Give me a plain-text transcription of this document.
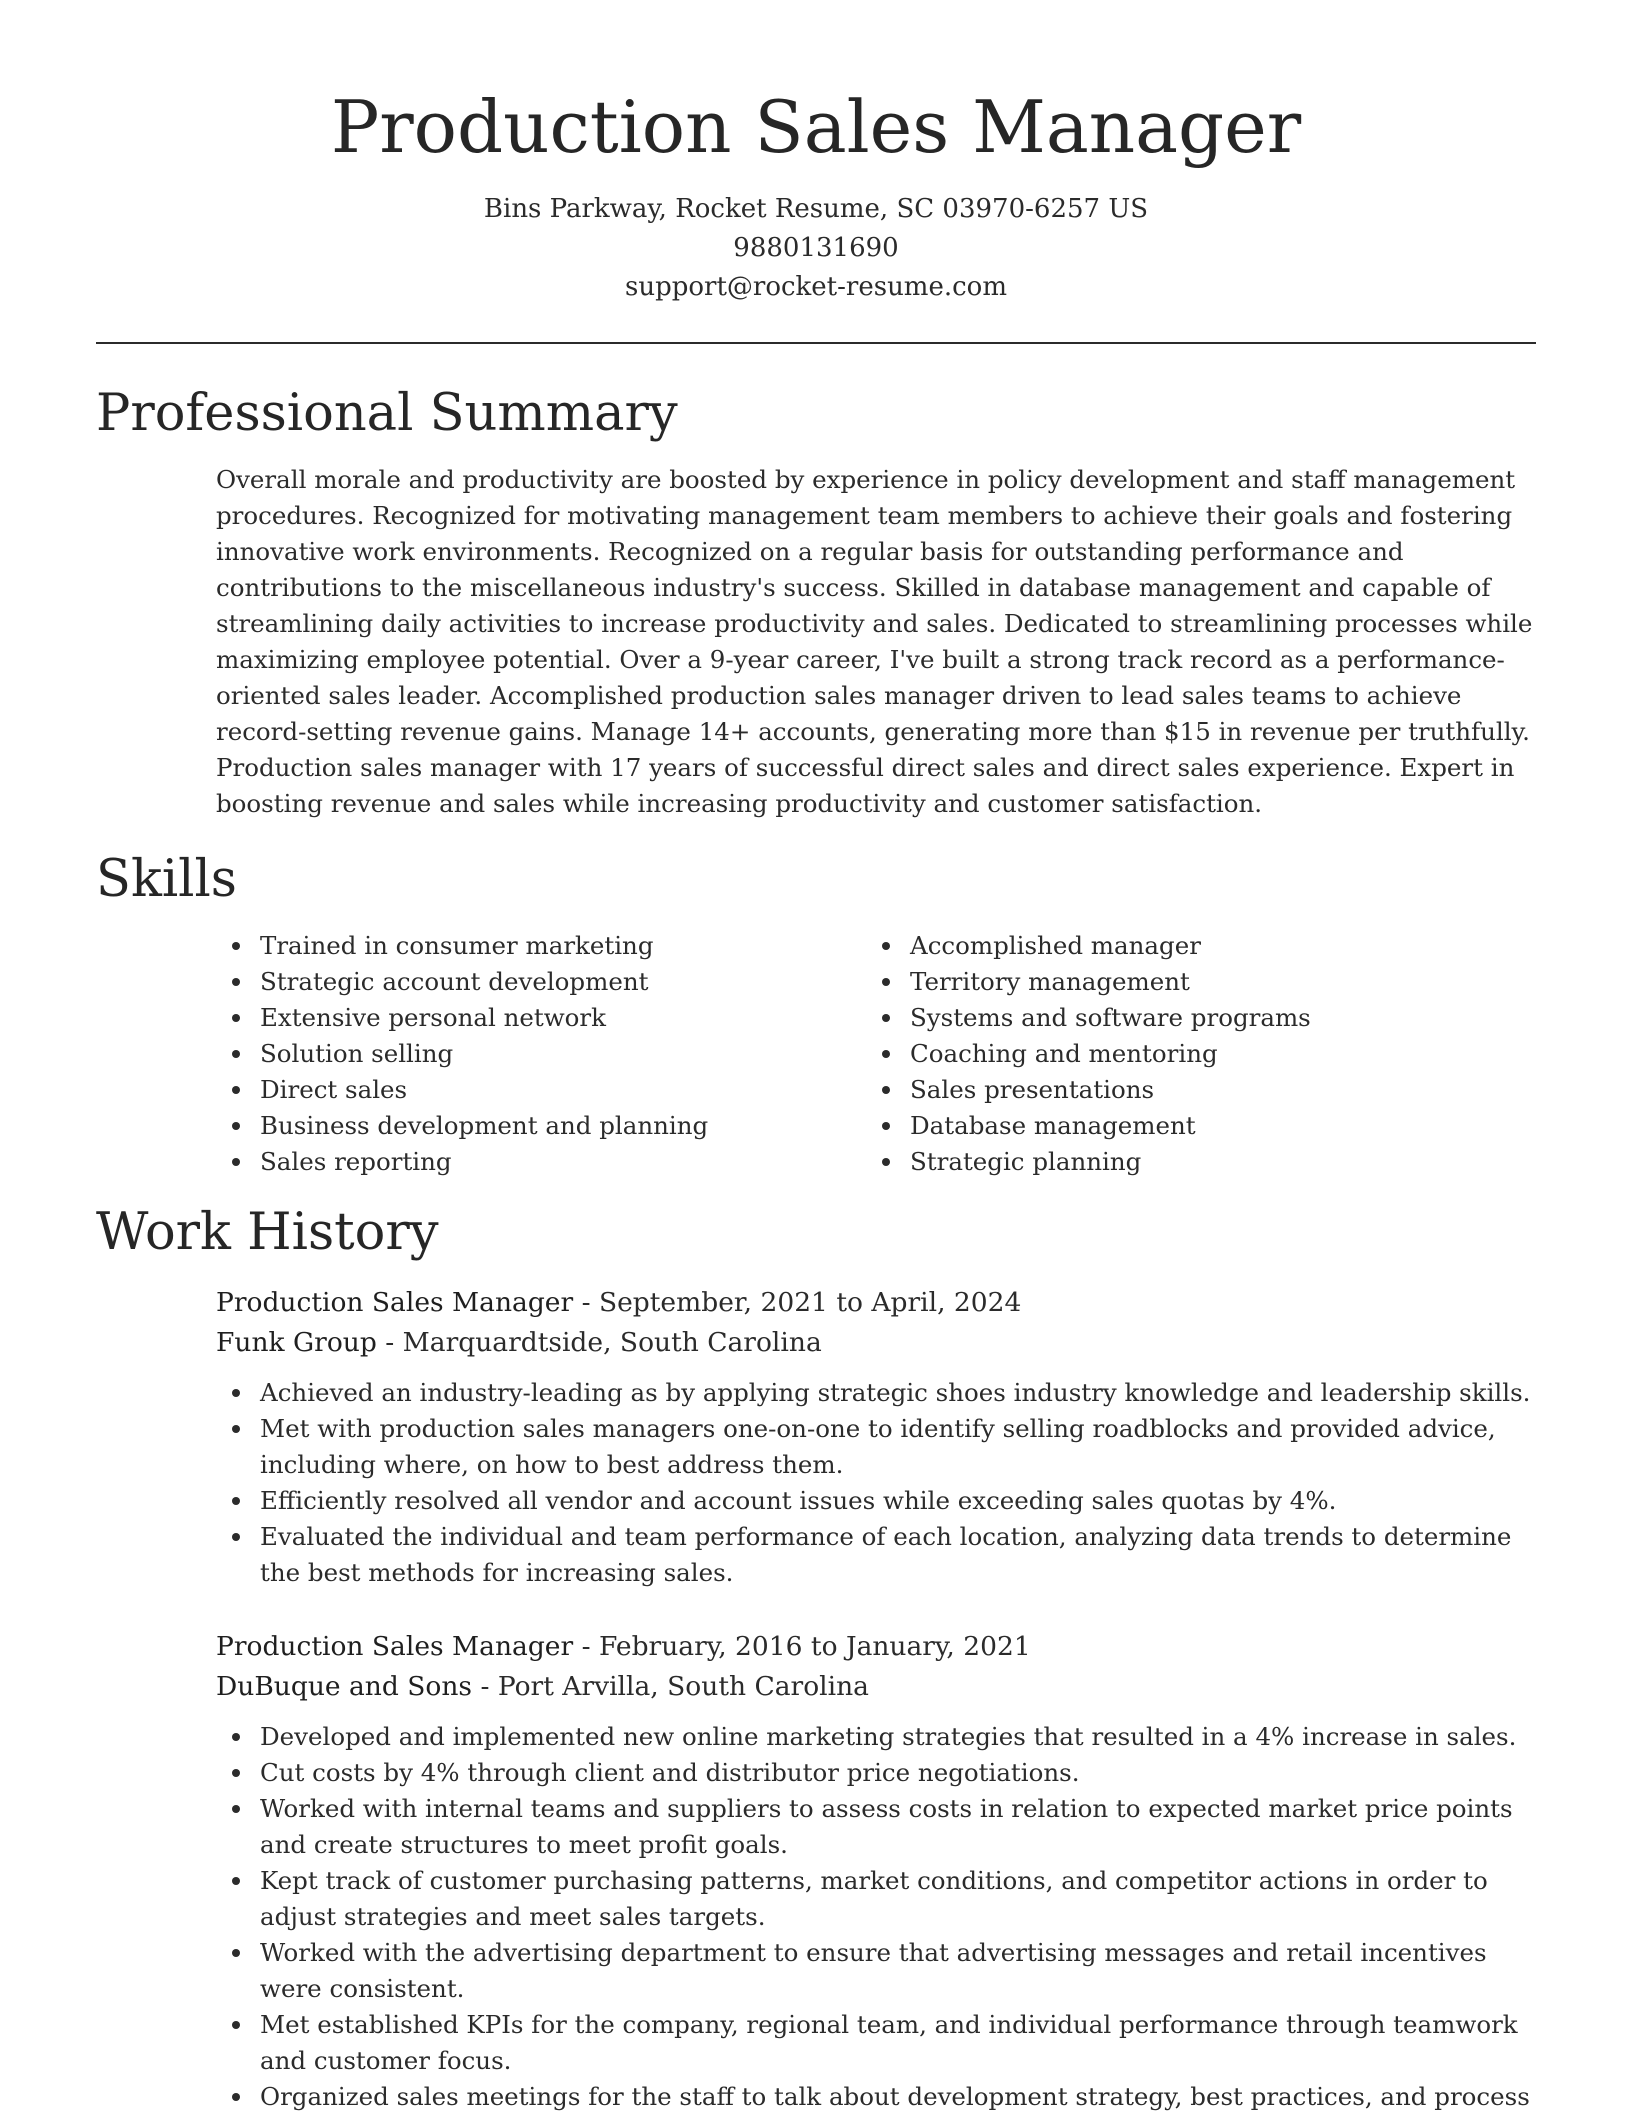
Production Sales Manager
Bins Parkway, Rocket Resume, SC 03970-6257 US
9880131690
support@rocket-resume.com
Professional Summary

Overall morale and productivity are boosted by experience in policy development and staff management procedures. Recognized for motivating management team members to achieve their goals and fostering innovative work environments. Recognized on a regular basis for outstanding performance and contributions to the miscellaneous industry's success. Skilled in database management and capable of streamlining daily activities to increase productivity and sales. Dedicated to streamlining processes while maximizing employee potential. Over a 9-year career, I've built a strong track record as a performance-oriented sales leader. Accomplished production sales manager driven to lead sales teams to achieve record-setting revenue gains. Manage 14+ accounts, generating more than $15 in revenue per truthfully. Production sales manager with 17 years of successful direct sales and direct sales experience. Expert in boosting revenue and sales while increasing productivity and customer satisfaction.

Skills
Trained in consumer marketing
Strategic account development
Extensive personal network
Solution selling
Direct sales
Business development and planning
Sales reporting
Accomplished manager
Territory management
Systems and software programs
Coaching and mentoring
Sales presentations
Database management
Strategic planning
Work History
Production Sales Manager - September, 2021 to April, 2024
Funk Group - Marquardtside, South Carolina
Achieved an industry-leading as by applying strategic shoes industry knowledge and leadership skills.
Met with production sales managers one-on-one to identify selling roadblocks and provided advice, including where, on how to best address them.
Efficiently resolved all vendor and account issues while exceeding sales quotas by 4%.
Evaluated the individual and team performance of each location, analyzing data trends to determine the best methods for increasing sales.
Production Sales Manager - February, 2016 to January, 2021
DuBuque and Sons - Port Arvilla, South Carolina
Developed and implemented new online marketing strategies that resulted in a 4% increase in sales.
Cut costs by 4% through client and distributor price negotiations.
Worked with internal teams and suppliers to assess costs in relation to expected market price points and create structures to meet profit goals.
Kept track of customer purchasing patterns, market conditions, and competitor actions in order to adjust strategies and meet sales targets.
Worked with the advertising department to ensure that advertising messages and retail incentives were consistent.
Met established KPIs for the company, regional team, and individual performance through teamwork and customer focus.
Organized sales meetings for the staff to talk about development strategy, best practices, and process
